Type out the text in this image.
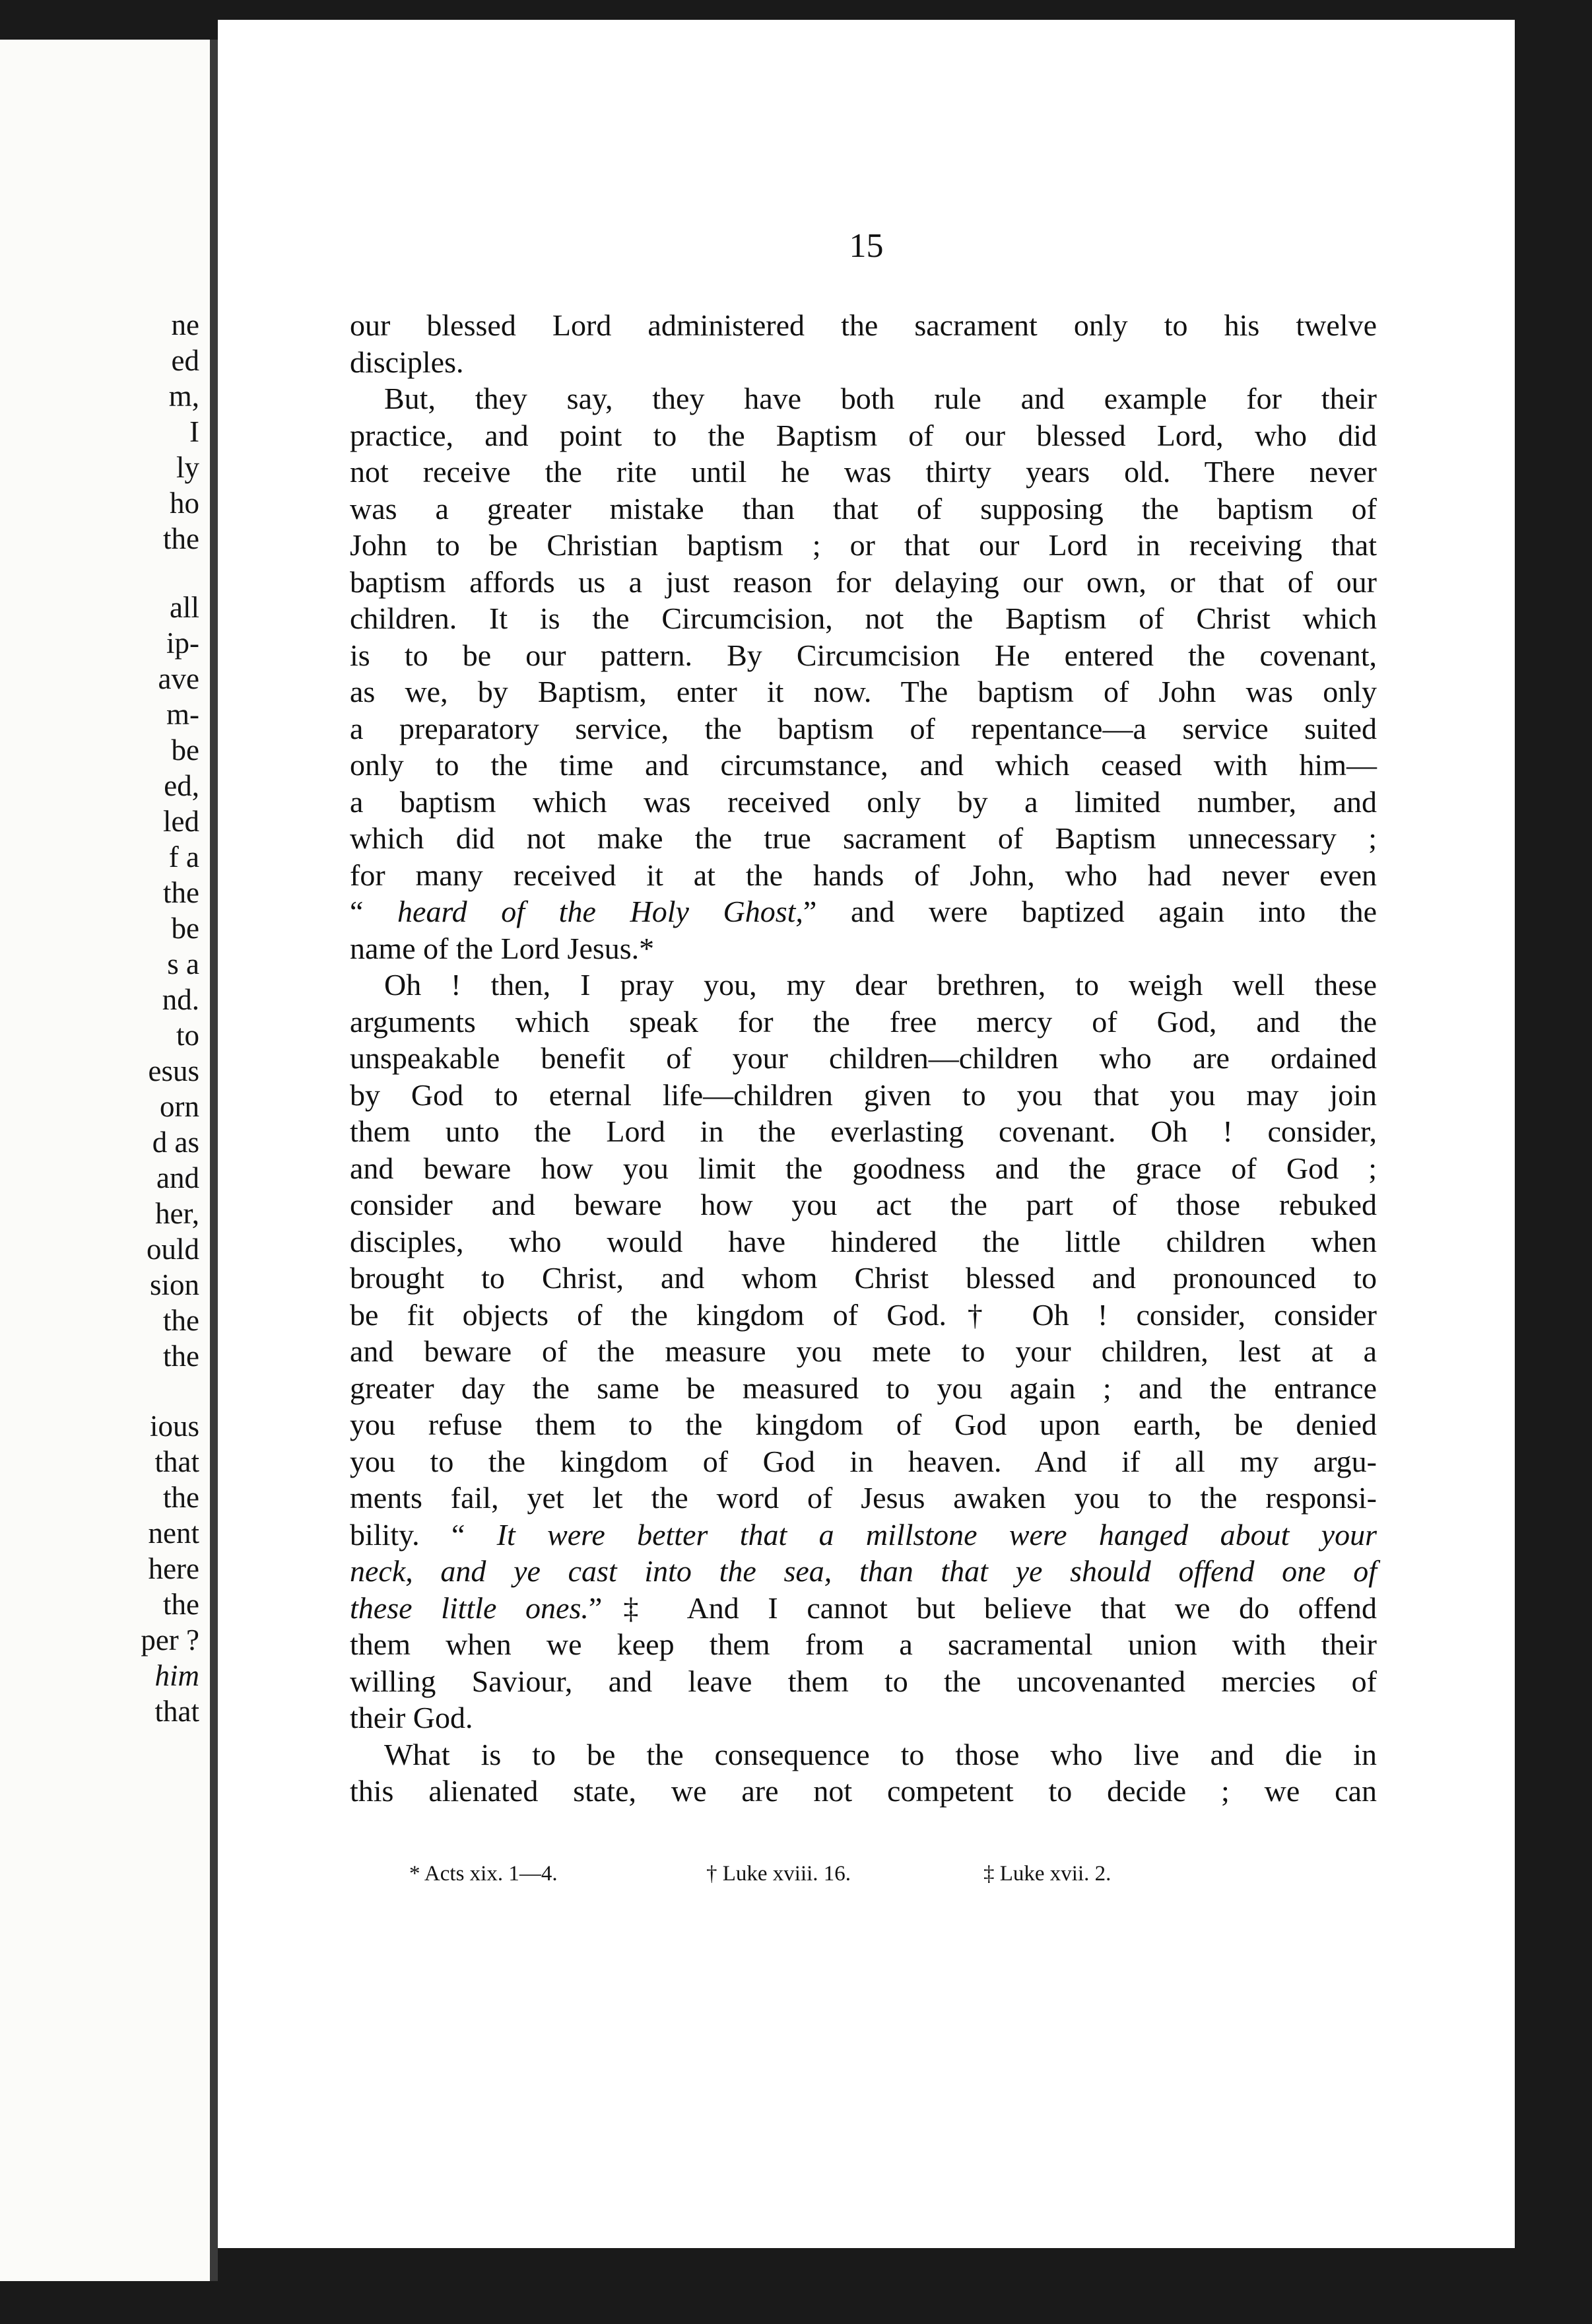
ne
ed
m,
I
ly
ho
the
all
ip-
ave
m-
be
ed,
led
f a
the
be
s a
nd.
to
esus
orn
d as
and
her,
ould
sion
the
the
ious
that
the
nent
here
the
per ?
him
that
15
our blessed Lord administered the sacrament only to his twelve
disciples.
But, they say, they have both rule and example for their
practice, and point to the Baptism of our blessed Lord, who did
not receive the rite until he was thirty years old. There never
was a greater mistake than that of supposing the baptism of
John to be Christian baptism ; or that our Lord in receiving that
baptism affords us a just reason for delaying our own, or that of our
children. It is the Circumcision, not the Baptism of Christ which
is to be our pattern. By Circumcision He entered the covenant,
as we, by Baptism, enter it now. The baptism of John was only
a preparatory service, the baptism of repentance—a service suited
only to the time and circumstance, and which ceased with him—
a baptism which was received only by a limited number, and
which did not make the true sacrament of Baptism unnecessary ;
for many received it at the hands of John, who had never even
“ heard of the Holy Ghost,” and were baptized again into the
name of the Lord Jesus.*
Oh ! then, I pray you, my dear brethren, to weigh well these
arguments which speak for the free mercy of God, and the
unspeakable benefit of your children—children who are ordained
by God to eternal life—children given to you that you may join
them unto the Lord in the everlasting covenant. Oh ! consider,
and beware how you limit the goodness and the grace of God ;
consider and beware how you act the part of those rebuked
disciples, who would have hindered the little children when
brought to Christ, and whom Christ blessed and pronounced to
be fit objects of the kingdom of God.† Oh ! consider, consider
and beware of the measure you mete to your children, lest at a
greater day the same be measured to you again ; and the entrance
you refuse them to the kingdom of God upon earth, be denied
you to the kingdom of God in heaven. And if all my argu-
ments fail, yet let the word of Jesus awaken you to the responsi-
bility. “ It were better that a millstone were hanged about your
neck, and ye cast into the sea, than that ye should offend one of
these little ones.”‡ And I cannot but believe that we do offend
them when we keep them from a sacramental union with their
willing Saviour, and leave them to the uncovenanted mercies of
their God.
What is to be the consequence to those who live and die in
this alienated state, we are not competent to decide ; we can
* Acts xix. 1—4.	† Luke xviii. 16.	‡ Luke xvii. 2.
